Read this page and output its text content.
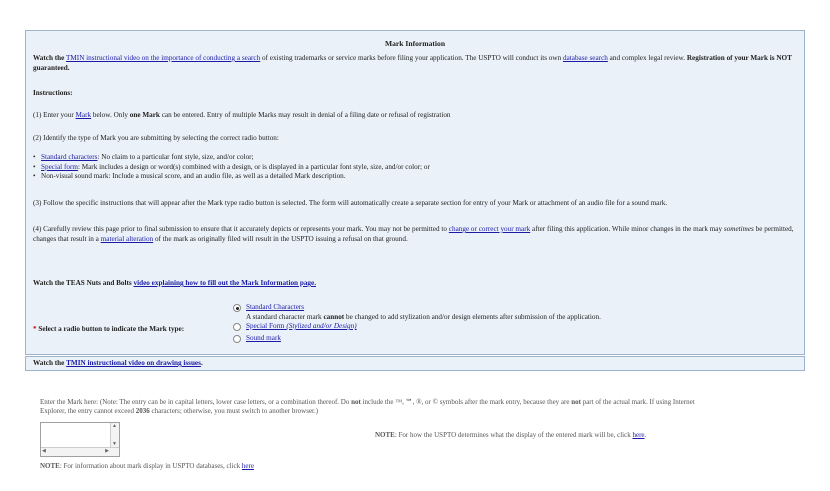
Mark Information
Watch the TMIN instructional video on the importance of conducting a search of existing trademarks or service marks before filing your application. The USPTO will conduct its own database search and complex legal review. Registration of your Mark is NOT guaranteed.
Instructions:
(1) Enter your Mark below. Only one Mark can be entered. Entry of multiple Marks may result in denial of a filing date or refusal of registration
(2) Identify the type of Mark you are submitting by selecting the correct radio button:
• Standard characters: No claim to a particular font style, size, and/or color;
• Special form: Mark includes a design or word(s) combined with a design, or is displayed in a particular font style, size, and/or color; or
• Non-visual sound mark: Include a musical score, and an audio file, as well as a detailed Mark description.
(3) Follow the specific instructions that will appear after the Mark type radio button is selected. The form will automatically create a separate section for entry of your Mark or attachment of an audio file for a sound mark.
(4) Carefully review this page prior to final submission to ensure that it accurately depicts or represents your mark. You may not be permitted to change or correct your mark after filing this application. While minor changes in the mark may sometimes be permitted, changes that result in a material alteration of the mark as originally filed will result in the USPTO issuing a refusal on that ground.
Watch the TEAS Nuts and Bolts video explaining how to fill out the Mark Information page.
* Select a radio button to indicate the Mark type:
Standard Characters
A standard character mark cannot be changed to add stylization and/or design elements after submission of the application.
Special Form (Stylized and/or Design)
Sound mark
Watch the TMIN instructional video on drawing issues.
Enter the Mark here: (Note: The entry can be in capital letters, lower case letters, or a combination thereof. Do not include the ™, ℠, ®, or © symbols after the mark entry, because they are not part of the actual mark. If using Internet Explorer, the entry cannot exceed 2036 characters; otherwise, you must switch to another browser.)
▲
▼
◀	▶
NOTE: For how the USPTO determines what the display of the entered mark will be, click here.
NOTE: For information about mark display in USPTO databases, click here
